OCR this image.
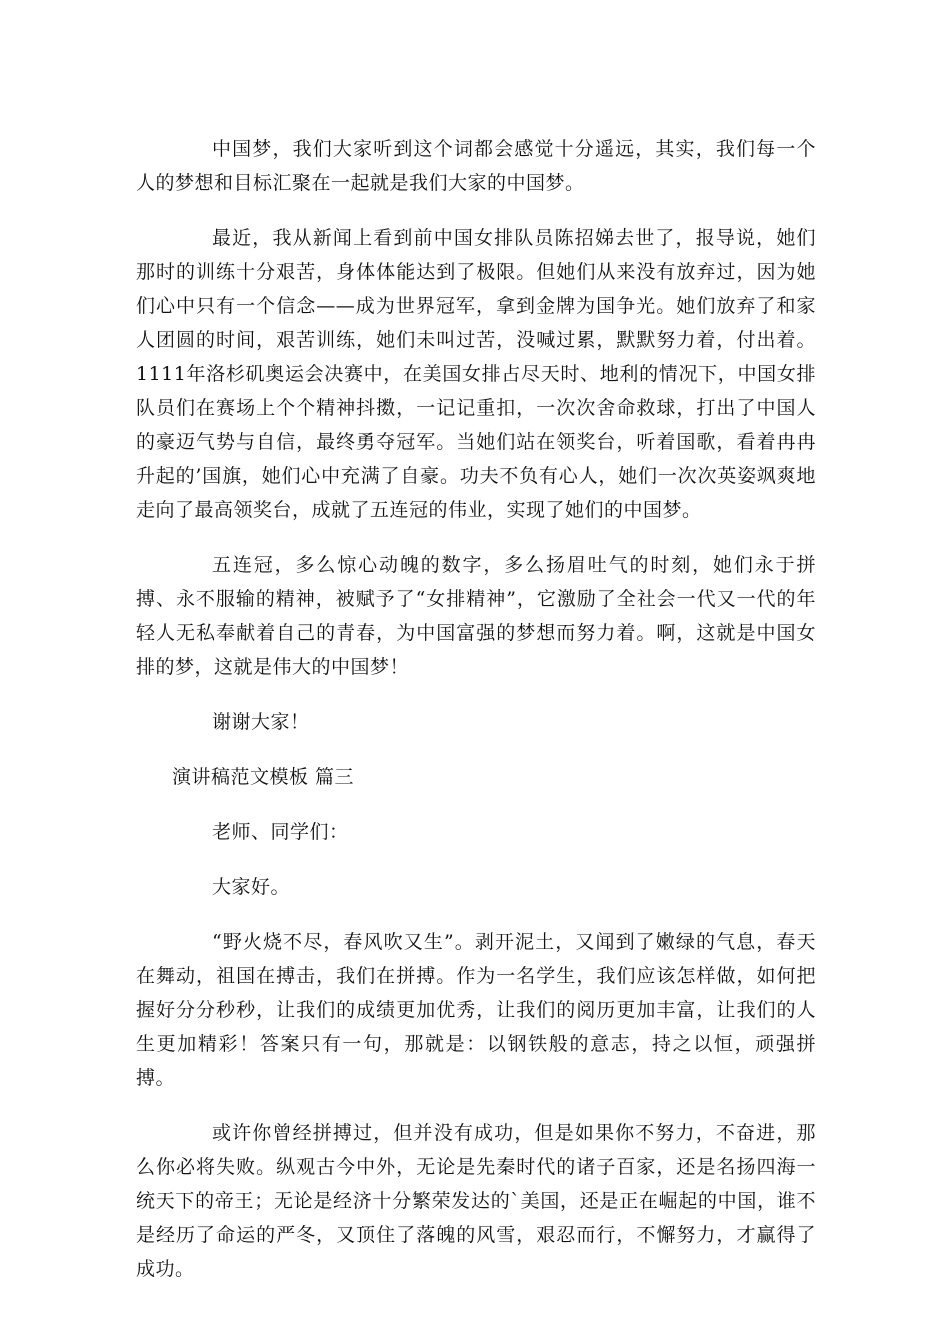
中国梦，我们大家听到这个词都会感觉十分遥远，其实，我们每一个人的梦想和目标汇聚在一起就是我们大家的中国梦。

最近，我从新闻上看到前中国女排队员陈招娣去世了，报导说，她们那时的训练十分艰苦，身体体能达到了极限。但她们从来没有放弃过，因为她们心中只有一个信念——成为世界冠军，拿到金牌为国争光。她们放弃了和家人团圆的时间，艰苦训练，她们未叫过苦，没喊过累，默默努力着，付出着。1111年洛杉矶奥运会决赛中，在美国女排占尽天时、地利的情况下，中国女排队员们在赛场上个个精神抖擞，一记记重扣，一次次舍命救球，打出了中国人的豪迈气势与自信，最终勇夺冠军。当她们站在领奖台，听着国歌，看着冉冉升起的’国旗，她们心中充满了自豪。功夫不负有心人，她们一次次英姿飒爽地走向了最高领奖台，成就了五连冠的伟业，实现了她们的中国梦。

五连冠，多么惊心动魄的数字，多么扬眉吐气的时刻，她们永于拼搏、永不服输的精神，被赋予了“女排精神”，它激励了全社会一代又一代的年轻人无私奉献着自己的青春，为中国富强的梦想而努力着。啊，这就是中国女排的梦，这就是伟大的中国梦！

谢谢大家！

演讲稿范文模板 篇三

老师、同学们：

大家好。

“野火烧不尽，春风吹又生”。剥开泥土，又闻到了嫩绿的气息，春天在舞动，祖国在搏击，我们在拼搏。作为一名学生，我们应该怎样做，如何把握好分分秒秒，让我们的成绩更加优秀，让我们的阅历更加丰富，让我们的人生更加精彩！答案只有一句，那就是：以钢铁般的意志，持之以恒，顽强拼搏。

或许你曾经拼搏过，但并没有成功，但是如果你不努力，不奋进，那么你必将失败。纵观古今中外，无论是先秦时代的诸子百家，还是名扬四海一统天下的帝王；无论是经济十分繁荣发达的`美国，还是正在崛起的中国，谁不是经历了命运的严冬，又顶住了落魄的风雪，艰忍而行，不懈努力，才赢得了成功。
